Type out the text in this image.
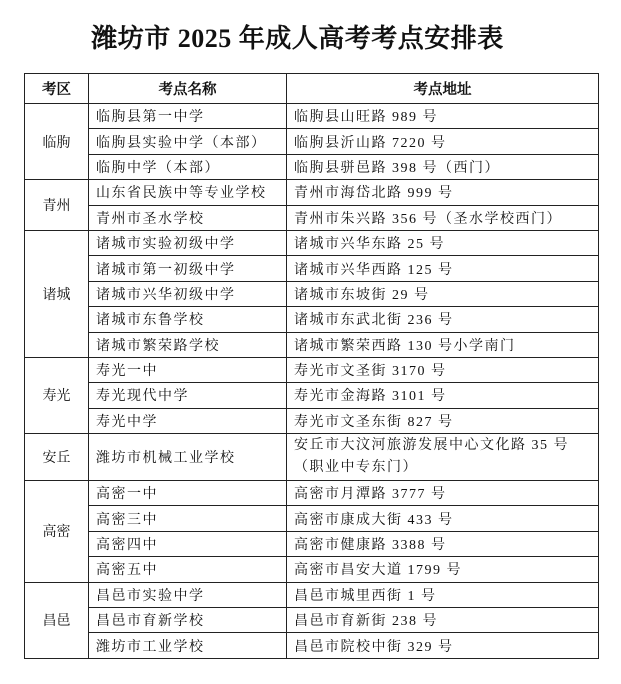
潍坊市 2025 年成人高考考点安排表
考区	考点名称	考点地址
临朐	临朐县第一中学	临朐县山旺路 989 号
	临朐县实验中学（本部）	临朐县沂山路 7220 号
	临朐中学（本部）	临朐县骈邑路 398 号（西门）
青州	山东省民族中等专业学校	青州市海岱北路 999 号
	青州市圣水学校	青州市朱兴路 356 号（圣水学校西门）
诸城	诸城市实验初级中学	诸城市兴华东路 25 号
	诸城市第一初级中学	诸城市兴华西路 125 号
	诸城市兴华初级中学	诸城市东坡街 29 号
	诸城市东鲁学校	诸城市东武北街 236 号
	诸城市繁荣路学校	诸城市繁荣西路 130 号小学南门
寿光	寿光一中	寿光市文圣街 3170 号
	寿光现代中学	寿光市金海路 3101 号
	寿光中学	寿光市文圣东街 827 号
安丘	潍坊市机械工业学校	安丘市大汶河旅游发展中心文化路 35 号（职业中专东门）
高密	高密一中	高密市月潭路 3777 号
	高密三中	高密市康成大街 433 号
	高密四中	高密市健康路 3388 号
	高密五中	高密市昌安大道 1799 号
昌邑	昌邑市实验中学	昌邑市城里西街 1 号
	昌邑市育新学校	昌邑市育新街 238 号
	潍坊市工业学校	昌邑市院校中街 329 号
